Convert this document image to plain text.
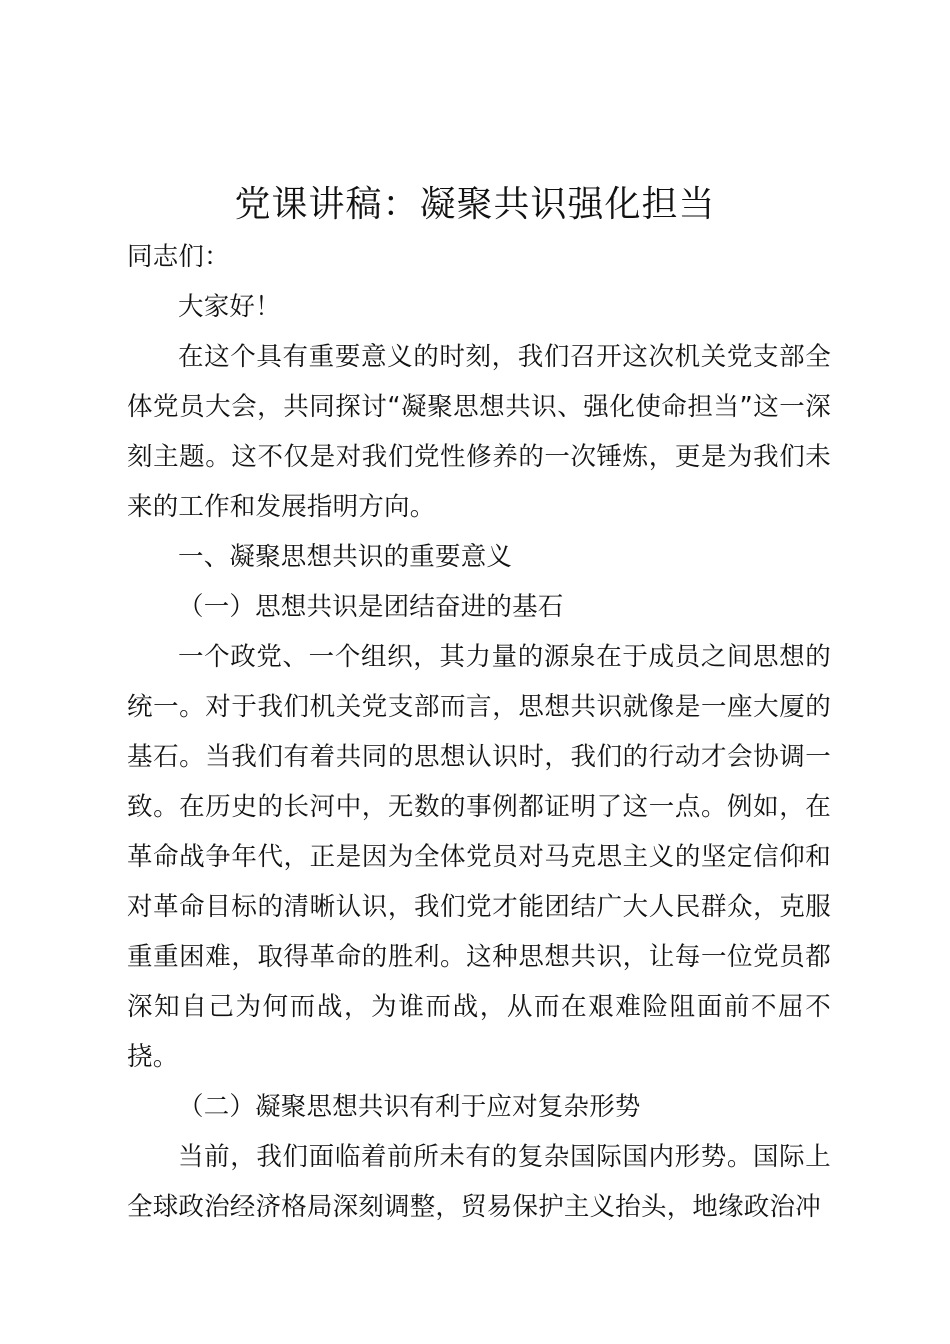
党课讲稿：凝聚共识强化担当

同志们：

大家好！

在这个具有重要意义的时刻，我们召开这次机关党支部全体党员大会，共同探讨“凝聚思想共识、强化使命担当”这一深刻主题。这不仅是对我们党性修养的一次锤炼，更是为我们未来的工作和发展指明方向。

一、凝聚思想共识的重要意义

（一）思想共识是团结奋进的基石

一个政党、一个组织，其力量的源泉在于成员之间思想的统一。对于我们机关党支部而言，思想共识就像是一座大厦的基石。当我们有着共同的思想认识时，我们的行动才会协调一致。在历史的长河中，无数的事例都证明了这一点。例如，在革命战争年代，正是因为全体党员对马克思主义的坚定信仰和对革命目标的清晰认识，我们党才能团结广大人民群众，克服重重困难，取得革命的胜利。这种思想共识，让每一位党员都深知自己为何而战，为谁而战，从而在艰难险阻面前不屈不挠。

（二）凝聚思想共识有利于应对复杂形势

当前，我们面临着前所未有的复杂国际国内形势。国际上全球政治经济格局深刻调整，贸易保护主义抬头，地缘政治冲
